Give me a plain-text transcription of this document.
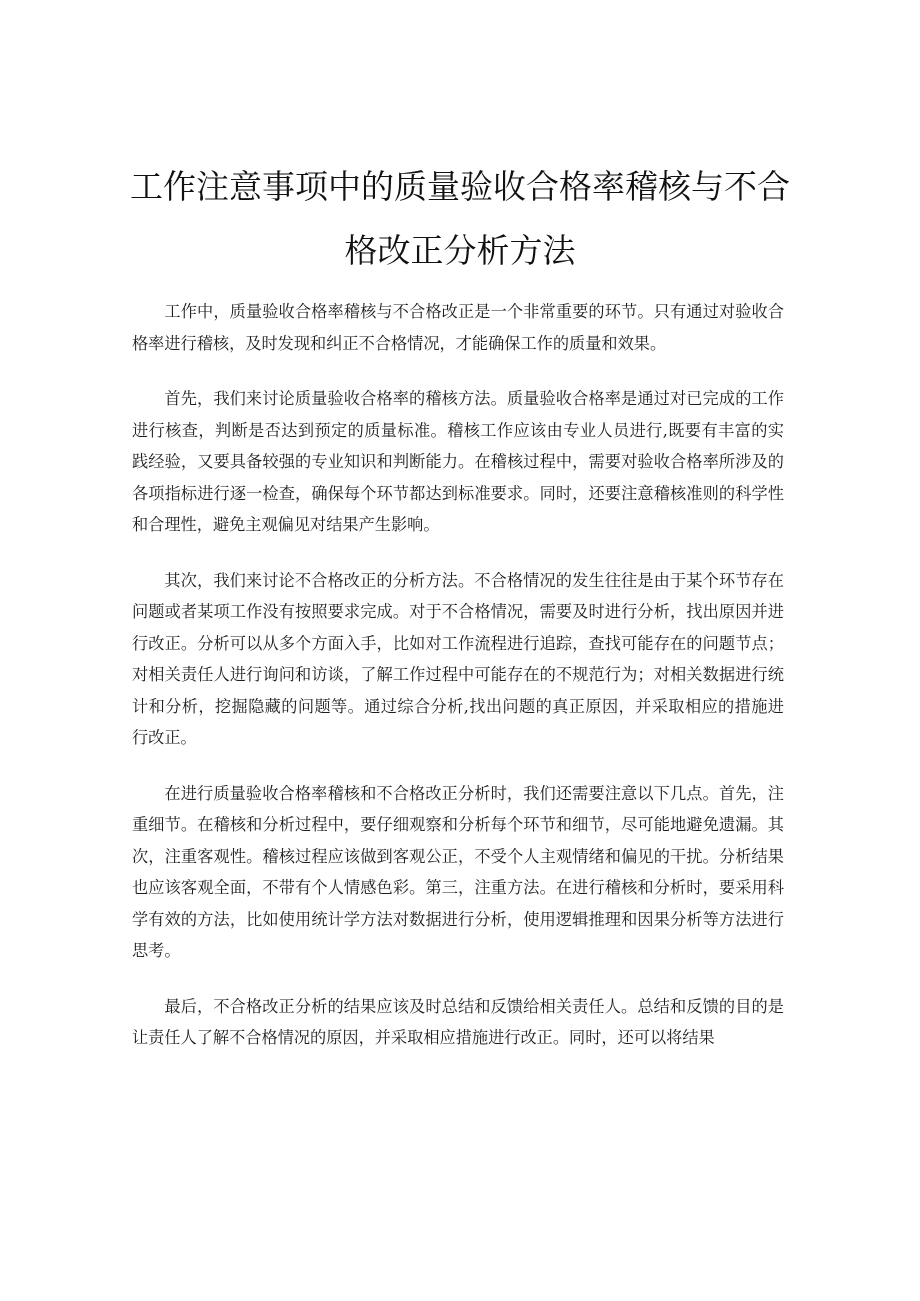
工作注意事项中的质量验收合格率稽核与不合格改正分析方法

工作中，质量验收合格率稽核与不合格改正是一个非常重要的环节。只有通过对验收合格率进行稽核，及时发现和纠正不合格情况，才能确保工作的质量和效果。

首先，我们来讨论质量验收合格率的稽核方法。质量验收合格率是通过对已完成的工作进行核查，判断是否达到预定的质量标准。稽核工作应该由专业人员进行,既要有丰富的实践经验，又要具备较强的专业知识和判断能力。在稽核过程中，需要对验收合格率所涉及的各项指标进行逐一检查，确保每个环节都达到标准要求。同时，还要注意稽核准则的科学性和合理性，避免主观偏见对结果产生影响。

其次，我们来讨论不合格改正的分析方法。不合格情况的发生往往是由于某个环节存在问题或者某项工作没有按照要求完成。对于不合格情况，需要及时进行分析，找出原因并进行改正。分析可以从多个方面入手，比如对工作流程进行追踪，查找可能存在的问题节点；对相关责任人进行询问和访谈，了解工作过程中可能存在的不规范行为；对相关数据进行统计和分析，挖掘隐藏的问题等。通过综合分析,找出问题的真正原因，并采取相应的措施进行改正。

在进行质量验收合格率稽核和不合格改正分析时，我们还需要注意以下几点。首先，注重细节。在稽核和分析过程中，要仔细观察和分析每个环节和细节，尽可能地避免遗漏。其次，注重客观性。稽核过程应该做到客观公正，不受个人主观情绪和偏见的干扰。分析结果也应该客观全面，不带有个人情感色彩。第三，注重方法。在进行稽核和分析时，要采用科学有效的方法，比如使用统计学方法对数据进行分析，使用逻辑推理和因果分析等方法进行思考。

最后，不合格改正分析的结果应该及时总结和反馈给相关责任人。总结和反馈的目的是让责任人了解不合格情况的原因，并采取相应措施进行改正。同时，还可以将结果
